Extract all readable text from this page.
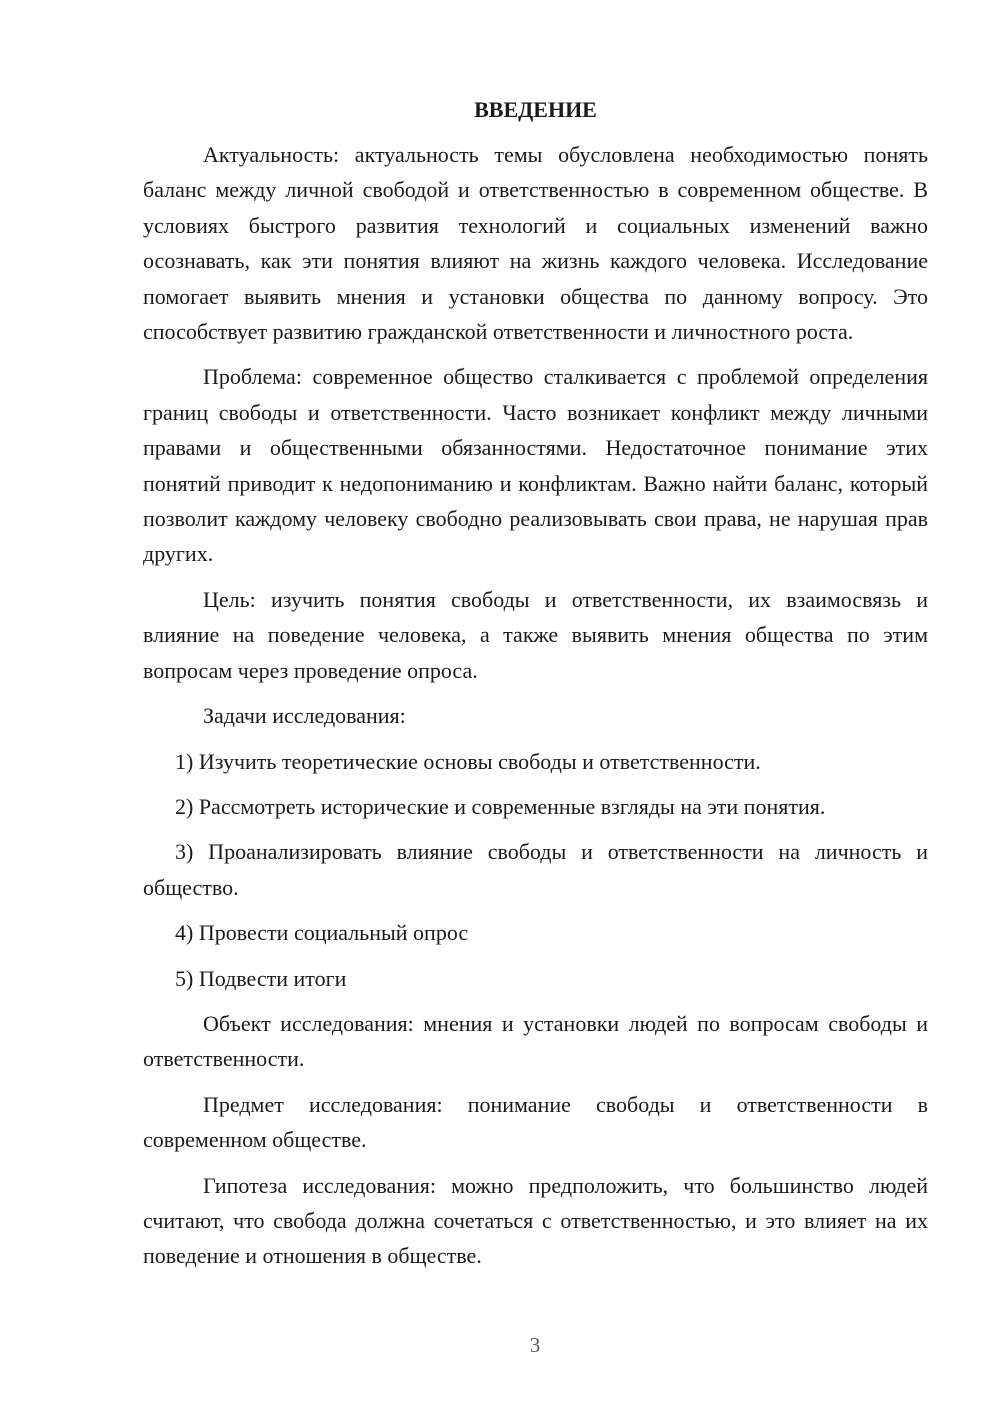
ВВЕДЕНИЕ

Актуальность: актуальность темы обусловлена необходимостью понять баланс между личной свободой и ответственностью в современном обществе. В условиях быстрого развития технологий и социальных изменений важно осознавать, как эти понятия влияют на жизнь каждого человека. Исследование помогает выявить мнения и установки общества по данному вопросу. Это способствует развитию гражданской ответственности и личностного роста.

Проблема: современное общество сталкивается с проблемой определения границ свободы и ответственности. Часто возникает конфликт между личными правами и общественными обязанностями. Недостаточное понимание этих понятий приводит к недопониманию и конфликтам. Важно найти баланс, который позволит каждому человеку свободно реализовывать свои права, не нарушая прав других.

Цель: изучить понятия свободы и ответственности, их взаимосвязь и влияние на поведение человека, а также выявить мнения общества по этим вопросам через проведение опроса.

Задачи исследования:

1) Изучить теоретические основы свободы и ответственности.

2) Рассмотреть исторические и современные взгляды на эти понятия.

3) Проанализировать влияние свободы и ответственности на личность и общество.

4) Провести социальный опрос

5) Подвести итоги

Объект исследования: мнения и установки людей по вопросам свободы и ответственности.

Предмет исследования: понимание свободы и ответственности в современном обществе.

Гипотеза исследования: можно предположить, что большинство людей считают, что свобода должна сочетаться с ответственностью, и это влияет на их поведение и отношения в обществе.

3
